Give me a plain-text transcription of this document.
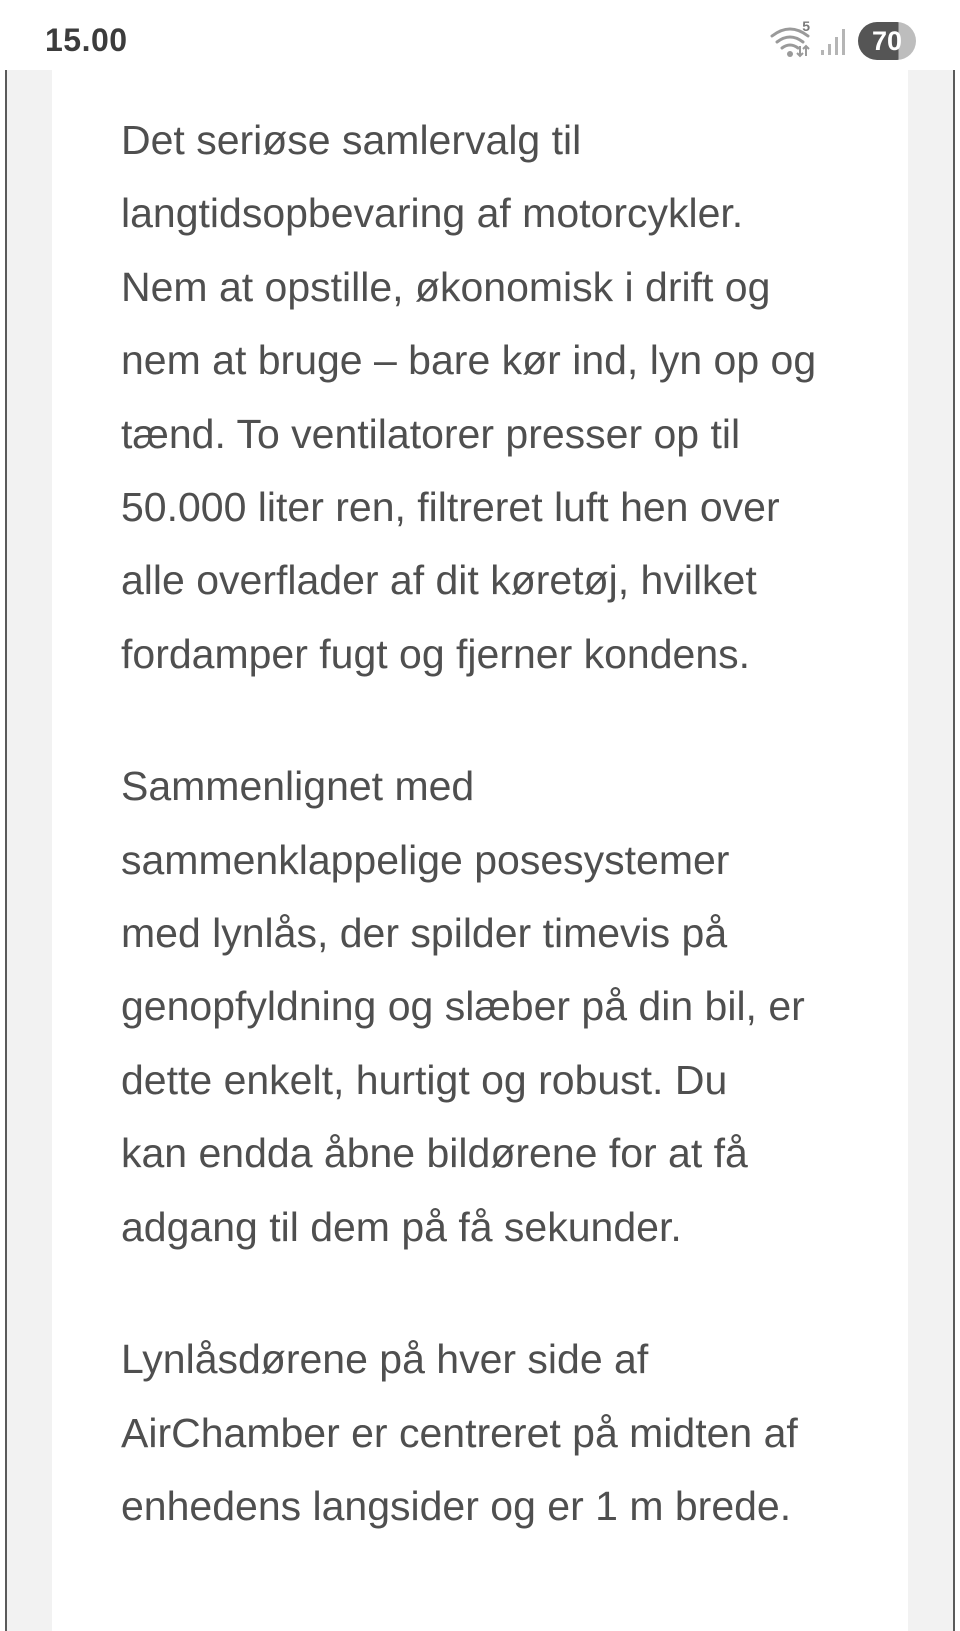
15.00	5	70

Det seriøse samlervalg til
langtidsopbevaring af motorcykler.
Nem at opstille, økonomisk i drift og
nem at bruge – bare kør ind, lyn op og
tænd. To ventilatorer presser op til
50.000 liter ren, filtreret luft hen over
alle overflader af dit køretøj, hvilket
fordamper fugt og fjerner kondens.

Sammenlignet med
sammenklappelige posesystemer
med lynlås, der spilder timevis på
genopfyldning og slæber på din bil, er
dette enkelt, hurtigt og robust. Du
kan endda åbne bildørene for at få
adgang til dem på få sekunder.

Lynlåsdørene på hver side af
AirChamber er centreret på midten af
enhedens langsider og er 1 m brede.
